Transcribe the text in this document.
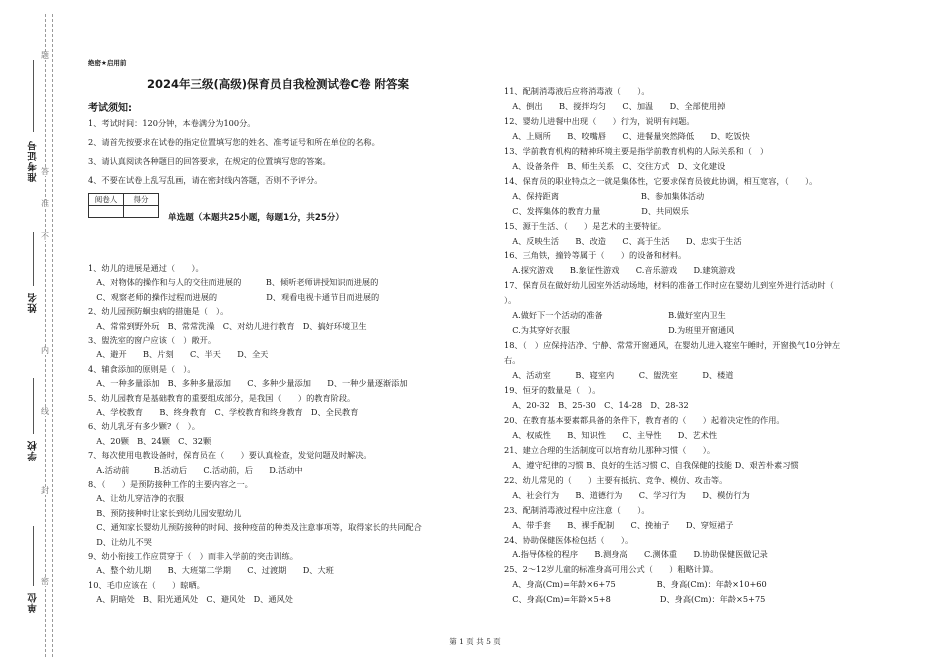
准考证号
姓名
学校
单位
题
答
准
不
内
线
封
密
绝密★启用前
2024年三级(高级)保育员自我检测试卷C卷 附答案
考试须知:
1、考试时间：120分钟，本卷满分为100分。
2、请首先按要求在试卷的指定位置填写您的姓名、准考证号和所在单位的名称。
3、请认真阅读各种题目的回答要求，在规定的位置填写您的答案。
4、不要在试卷上乱写乱画，请在密封线内答题，否则不予评分。
阅卷人	得分

单选题（本题共25小题，每题1分，共25分）
1、幼儿的进展是通过（　　）。
　A、对物体的操作和与人的交往而进展的　　　B、倾听老师讲授知识而进展的
　C、观察老师的操作过程而进展的　　　　　　D、观看电视卡通节目而进展的
2、幼儿园预防蛔虫病的措施是（　）。
　A、常常到野外玩　B、常常洗澡　C、对幼儿进行教育　D、搞好环境卫生
3、盥洗室的窗户应该（　）敞开。
　A、避开　　B、片刻　　C、半天　　D、全天
4、辅食添加的原则是（　）。
　A、一种多量添加　B、多种多量添加　　C、多种少量添加　　D、一种少量逐渐添加
5、幼儿园教育是基础教育的重要组成部分，是我国（　　）的教育阶段。
　A、学校教育　　B、终身教育　C、学校教育和终身教育　D、全民教育
6、幼儿乳牙有多少颗?（　）。
　A、20颗　B、24颗　C、32颗
7、每次使用电教设备时，保育员在（　　）要认真检查，发觉问题及时解决。
　A.活动前　　　B.活动后　　C.活动前，后　　D.活动中
8、（　　）是预防接种工作的主要内容之一。
　A、让幼儿穿洁净的衣服
　B、预防接种时让家长到幼儿园安慰幼儿
　C、通知家长婴幼儿预防接种的时间、接种疫苗的种类及注意事项等，取得家长的共同配合
　D、让幼儿不哭
9、幼小衔接工作应贯穿于（　）而非入学前的突击训练。
　A、整个幼儿期　　B、大班第二学期　　C、过渡期　　D、大班
10、毛巾应该在（　　）晾晒。
　A、阴暗处　B、阳光通风处　C、避风处　D、通风处
11、配制消毒液后应将消毒液（　　）。
　A、倒出　　B、搅拌均匀　　C、加温　　D、全部使用掉
12、婴幼儿进餐中出现（　　）行为，说明有问题。
　A、上厕所　　B、咬嘴唇　　C、进餐量突然降低　　D、吃饭快
13、学前教育机构的精神环境主要是指学前教育机构的人际关系和（　）
　A、设备条件　B、师生关系　C、交往方式　D、文化建设
14、保育员的职业特点之一就是集体性，它要求保育员彼此协调，相互宽容，（　　）。
　A、保持距离　　　　　　　　　　B、参加集体活动
　C、发挥集体的教育力量　　　　　D、共同娱乐
15、源于生活、（　　）是艺术的主要特征。
　A、反映生活　　B、改造　　C、高于生活　　D、忠实于生活
16、三角铁，撞铃等属于（　　）的设备和材料。
　A.探究游戏　　B.象征性游戏　　C.音乐游戏　　D.建筑游戏
17、保育员在做好幼儿园室外活动场地，材料的准备工作时应在婴幼儿到室外进行活动时（
）。
　A.做好下一个活动的准备　　　　　　　　B.做好室内卫生
　C.为其穿好衣服　　　　　　　　　　　　D.为班里开窗通风
18、（　）应保持洁净、宁静、常常开窗通风，在婴幼儿进入寝室午睡时，开窗换气10分钟左
右。
　A、活动室　　　B、寝室内　　　C、盥洗室　　　D、楼道
19、恒牙的数量是（　）。
　A、20-32　B、25-30　C、14-28　D、28-32
20、在教育基本要素都具备的条件下，教育者的（　　）起着决定性的作用。
　A、权威性　　B、知识性　　C、主导性　　D、艺术性
21、建立合理的生活制度可以培育幼儿那种习惯（　　）。
　A、遵守纪律的习惯 B、良好的生活习惯 C、自我保健的技能 D、艰苦朴素习惯
22、幼儿常见的（　　）主要有抵抗、竞争、模仿、攻击等。
　A、社会行为　　B、道德行为　　C、学习行为　　D、模仿行为
23、配制消毒液过程中应注意（　　）。
　A、带手套　　B、裸手配制　　C、挽袖子　　D、穿短裙子
24、协助保健医体检包括（　　）。
　A.指导体检的程序　　B.测身高　　C.测体重　　D.协助保健医做记录
25、2～12岁儿童的标准身高可用公式（　　）粗略计算。
　A、身高(Cm)=年龄×6+75　　　　　B、身高(Cm)：年龄×10+60
　C、身高(Cm)=年龄×5+8　　　　　　D、身高(Cm)：年龄×5+75
第 1 页 共 5 页
